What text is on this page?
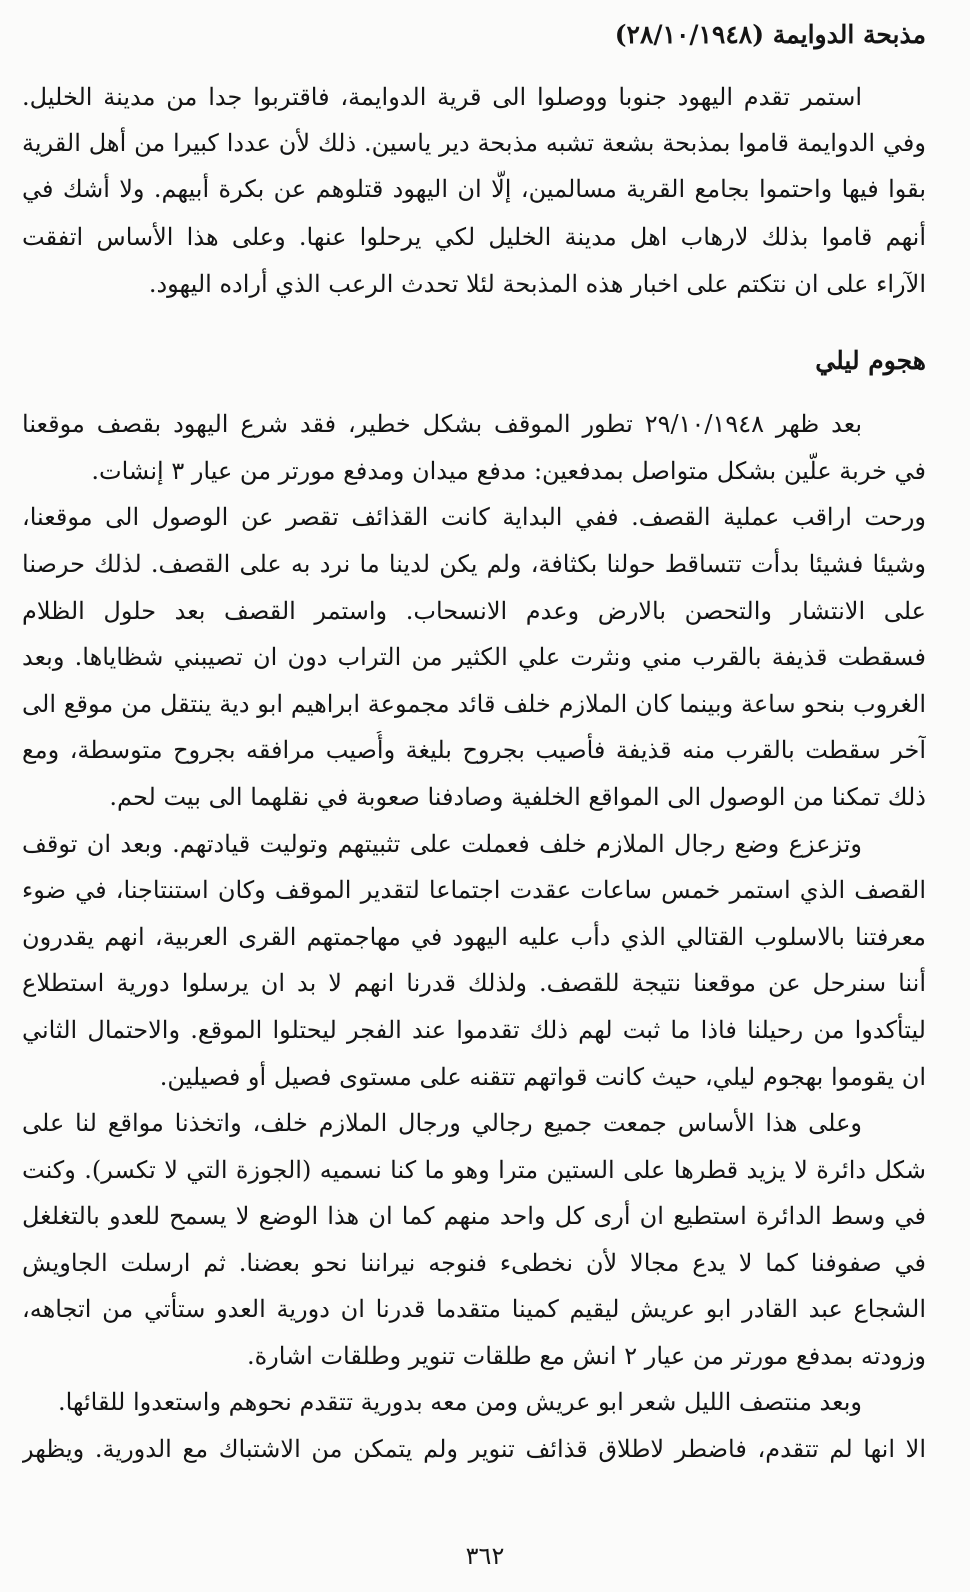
مذبحة الدوايمة (٢٨/١٠/١٩٤٨)
استمر تقدم اليهود جنوبا ووصلوا الى قرية الدوايمة، فاقتربوا جدا من مدينة الخليل.
وفي الدوايمة قاموا بمذبحة بشعة تشبه مذبحة دير ياسين. ذلك لأن عددا كبيرا من أهل القرية
بقوا فيها واحتموا بجامع القرية مسالمين، إلَّا ان اليهود قتلوهم عن بكرة أبيهم. ولا أشك في
أنهم قاموا بذلك لارهاب اهل مدينة الخليل لكي يرحلوا عنها. وعلى هذا الأساس اتفقت
الآراء على ان نتكتم على اخبار هذه المذبحة لئلا تحدث الرعب الذي أراده اليهود.
هجوم ليلي
بعد ظهر ٢٩/١٠/١٩٤٨ تطور الموقف بشكل خطير، فقد شرع اليهود بقصف موقعنا
في خربة علّين بشكل متواصل بمدفعين: مدفع ميدان ومدفع مورتر من عيار ٣ إنشات.
ورحت اراقب عملية القصف. ففي البداية كانت القذائف تقصر عن الوصول الى موقعنا،
وشيئا فشيئا بدأت تتساقط حولنا بكثافة، ولم يكن لدينا ما نرد به على القصف. لذلك حرصنا
على الانتشار والتحصن بالارض وعدم الانسحاب. واستمر القصف بعد حلول الظلام
فسقطت قذيفة بالقرب مني ونثرت علي الكثير من التراب دون ان تصيبني شظاياها. وبعد
الغروب بنحو ساعة وبينما كان الملازم خلف قائد مجموعة ابراهيم ابو دية ينتقل من موقع الى
آخر سقطت بالقرب منه قذيفة فأصيب بجروح بليغة وأُصيب مرافقه بجروح متوسطة، ومع
ذلك تمكنا من الوصول الى المواقع الخلفية وصادفنا صعوبة في نقلهما الى بيت لحم.
وتزعزع وضع رجال الملازم خلف فعملت على تثبيتهم وتوليت قيادتهم. وبعد ان توقف
القصف الذي استمر خمس ساعات عقدت اجتماعا لتقدير الموقف وكان استنتاجنا، في ضوء
معرفتنا بالاسلوب القتالي الذي دأب عليه اليهود في مهاجمتهم القرى العربية، انهم يقدرون
أننا سنرحل عن موقعنا نتيجة للقصف. ولذلك قدرنا انهم لا بد ان يرسلوا دورية استطلاع
ليتأكدوا من رحيلنا فاذا ما ثبت لهم ذلك تقدموا عند الفجر ليحتلوا الموقع. والاحتمال الثاني
ان يقوموا بهجوم ليلي، حيث كانت قواتهم تتقنه على مستوى فصيل أو فصيلين.
وعلى هذا الأساس جمعت جميع رجالي ورجال الملازم خلف، واتخذنا مواقع لنا على
شكل دائرة لا يزيد قطرها على الستين مترا وهو ما كنا نسميه (الجوزة التي لا تكسر). وكنت
في وسط الدائرة استطيع ان أرى كل واحد منهم كما ان هذا الوضع لا يسمح للعدو بالتغلغل
في صفوفنا كما لا يدع مجالا لأن نخطىء فنوجه نيراننا نحو بعضنا. ثم ارسلت الجاويش
الشجاع عبد القادر ابو عريش ليقيم كمينا متقدما قدرنا ان دورية العدو ستأتي من اتجاهه،
وزودته بمدفع مورتر من عيار ٢ انش مع طلقات تنوير وطلقات اشارة.
وبعد منتصف الليل شعر ابو عريش ومن معه بدورية تتقدم نحوهم واستعدوا للقائها.
الا انها لم تتقدم، فاضطر لاطلاق قذائف تنوير ولم يتمكن من الاشتباك مع الدورية. ويظهر
٣٦٢
